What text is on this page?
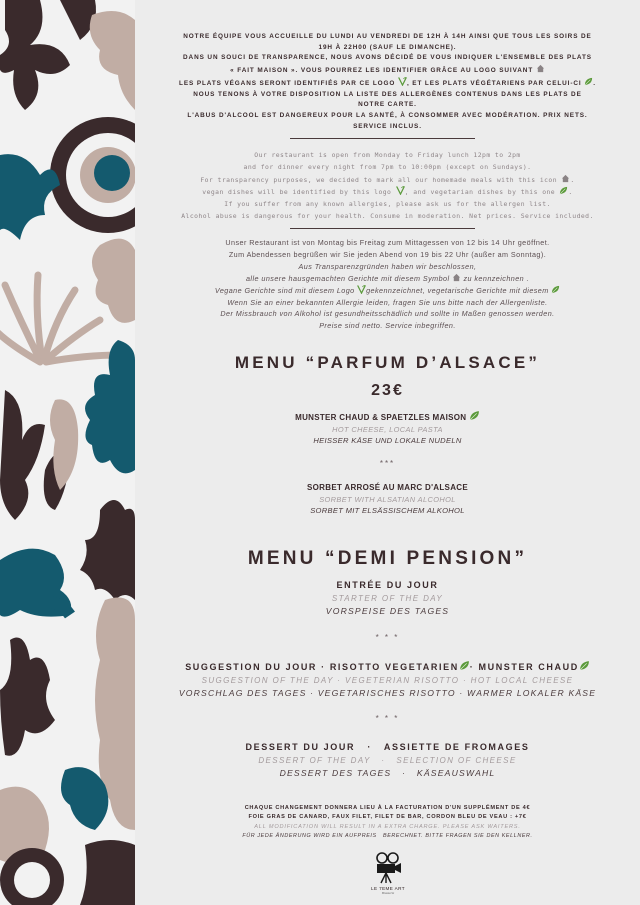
NOTRE ÉQUIPE VOUS ACCUEILLE DU LUNDI AU VENDREDI DE 12H À 14H AINSI QUE TOUS LES SOIRS DE

19H À 22H00 (SAUF LE DIMANCHE).

DANS UN SOUCI DE TRANSPARENCE, NOUS AVONS DÉCIDÉ DE VOUS INDIQUER L'ENSEMBLE DES PLATS

« FAIT MAISON ». VOUS POURREZ LES IDENTIFIER GRÂCE AU LOGO SUIVANT

LES PLATS VÉGANS SERONT IDENTIFIÉS PAR CE LOGO , ET LES PLATS VÉGÉTARIENS PAR CELUI-CI .

NOUS TENONS À VOTRE DISPOSITION LA LISTE DES ALLERGÈNES CONTENUS DANS LES PLATS DE

NOTRE CARTE.

L'ABUS D'ALCOOL EST DANGEREUX POUR LA SANTÉ, À CONSOMMER AVEC MODÉRATION. PRIX NETS.

SERVICE INCLUS.

Our restaurant is open from Monday to Friday lunch 12pm to 2pm

and for dinner every night from 7pm to 10:00pm (except on Sundays).

For transparency purposes, we decided to mark all our homemade meals with this icon .

vegan dishes will be identified by this logo , and vegetarian dishes by this one .

If you suffer from any known allergies, please ask us for the allergen list.

Alcohol abuse is dangerous for your health. Consume in moderation. Net prices. Service included.

Unser Restaurant ist von Montag bis Freitag zum Mittagessen von 12 bis 14 Uhr geöffnet.

Zum Abendessen begrüßen wir Sie jeden Abend von 19 bis 22 Uhr (außer am Sonntag).

Aus Transparenzgründen haben wir beschlossen,

alle unsere hausgemachten Gerichte mit diesem Symbol zu kennzeichnen .

Vegane Gerichte sind mit diesem Logo gekennzeichnet, vegetarische Gerichte mit diesem

Wenn Sie an einer bekannten Allergie leiden, fragen Sie uns bitte nach der Allergenliste.

Der Missbrauch von Alkohol ist gesundheitsschädlich und sollte in Maßen genossen werden.

Preise sind netto. Service inbegriffen.

MENU “PARFUM D’ALSACE”
23€
MUNSTER CHAUD & SPAETZLES MAISON
HOT CHEESE, LOCAL PASTA
HEISSER KÄSE UND LOKALE NUDELN
***
SORBET ARROSÉ AU MARC D'ALSACE
SORBET WITH ALSATIAN ALCOHOL
SORBET MIT ELSÄSSISCHEM ALKOHOL
MENU “DEMI PENSION”
ENTRÉE DU JOUR
STARTER OF THE DAY
VORSPEISE DES TAGES
* * *
SUGGESTION DU JOUR · RISOTTO VEGETARIEN · MUNSTER CHAUD
SUGGESTION OF THE DAY · VEGETERIAN RISOTTO · HOT LOCAL CHEESE
VORSCHLAG DES TAGES · VEGETARISCHES RISOTTO · WARMER LOKALER KÄSE
* * *
DESSERT DU JOUR   ·   ASSIETTE DE FROMAGES
DESSERT OF THE DAY   ·   SELECTION OF CHEESE
DESSERT DES TAGES   ·   KÄSEAUSWAHL

CHAQUE CHANGEMENT DONNERA LIEU À LA FACTURATION D'UN SUPPLÉMENT DE 4€

FOIE GRAS DE CANARD, FAUX FILET, FILET DE BAR, CORDON BLEU DE VEAU : +7€

ALL MODIFICATION WILL RESULT IN A EXTRA CHARGE. PLEASE ASK WAITERS.

FÜR JEDE ÄNDERUNG WIRD EIN AUFPREIS   BERECHNET. BITTE FRAGEN SIE DEN KELLNER.

LE 7EME ART
Brasserie
